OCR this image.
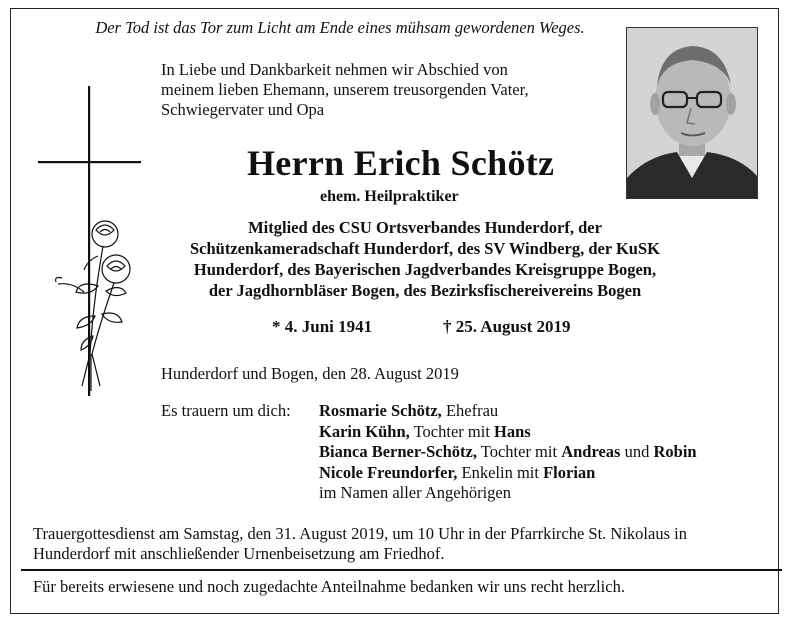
Der Tod ist das Tor zum Licht am Ende eines mühsam gewordenen Weges.
In Liebe und Dankbarkeit nehmen wir Abschied von
meinem lieben Ehemann, unserem treusorgenden Vater,
Schwiegervater und Opa
Herrn Erich Schötz
ehem. Heilpraktiker
Mitglied des CSU Ortsverbandes Hunderdorf, der
Schützenkameradschaft Hunderdorf, des SV Windberg, der KuSK
Hunderdorf, des Bayerischen Jagdverbandes Kreisgruppe Bogen,
der Jagdhornbläser Bogen, des Bezirksfischereivereins Bogen
* 4. Juni 1941	† 25. August 2019
Hunderdorf und Bogen, den 28. August 2019
Es trauern um dich: Rosmarie Schötz, Ehefrau
Karin Kühn, Tochter mit Hans
Bianca Berner-Schötz, Tochter mit Andreas und Robin
Nicole Freundorfer, Enkelin mit Florian
im Namen aller Angehörigen
Trauergottesdienst am Samstag, den 31. August 2019, um 10 Uhr in der Pfarrkirche St. Nikolaus in
Hunderdorf mit anschließender Urnenbeisetzung am Friedhof.
Für bereits erwiesene und noch zugedachte Anteilnahme bedanken wir uns recht herzlich.
